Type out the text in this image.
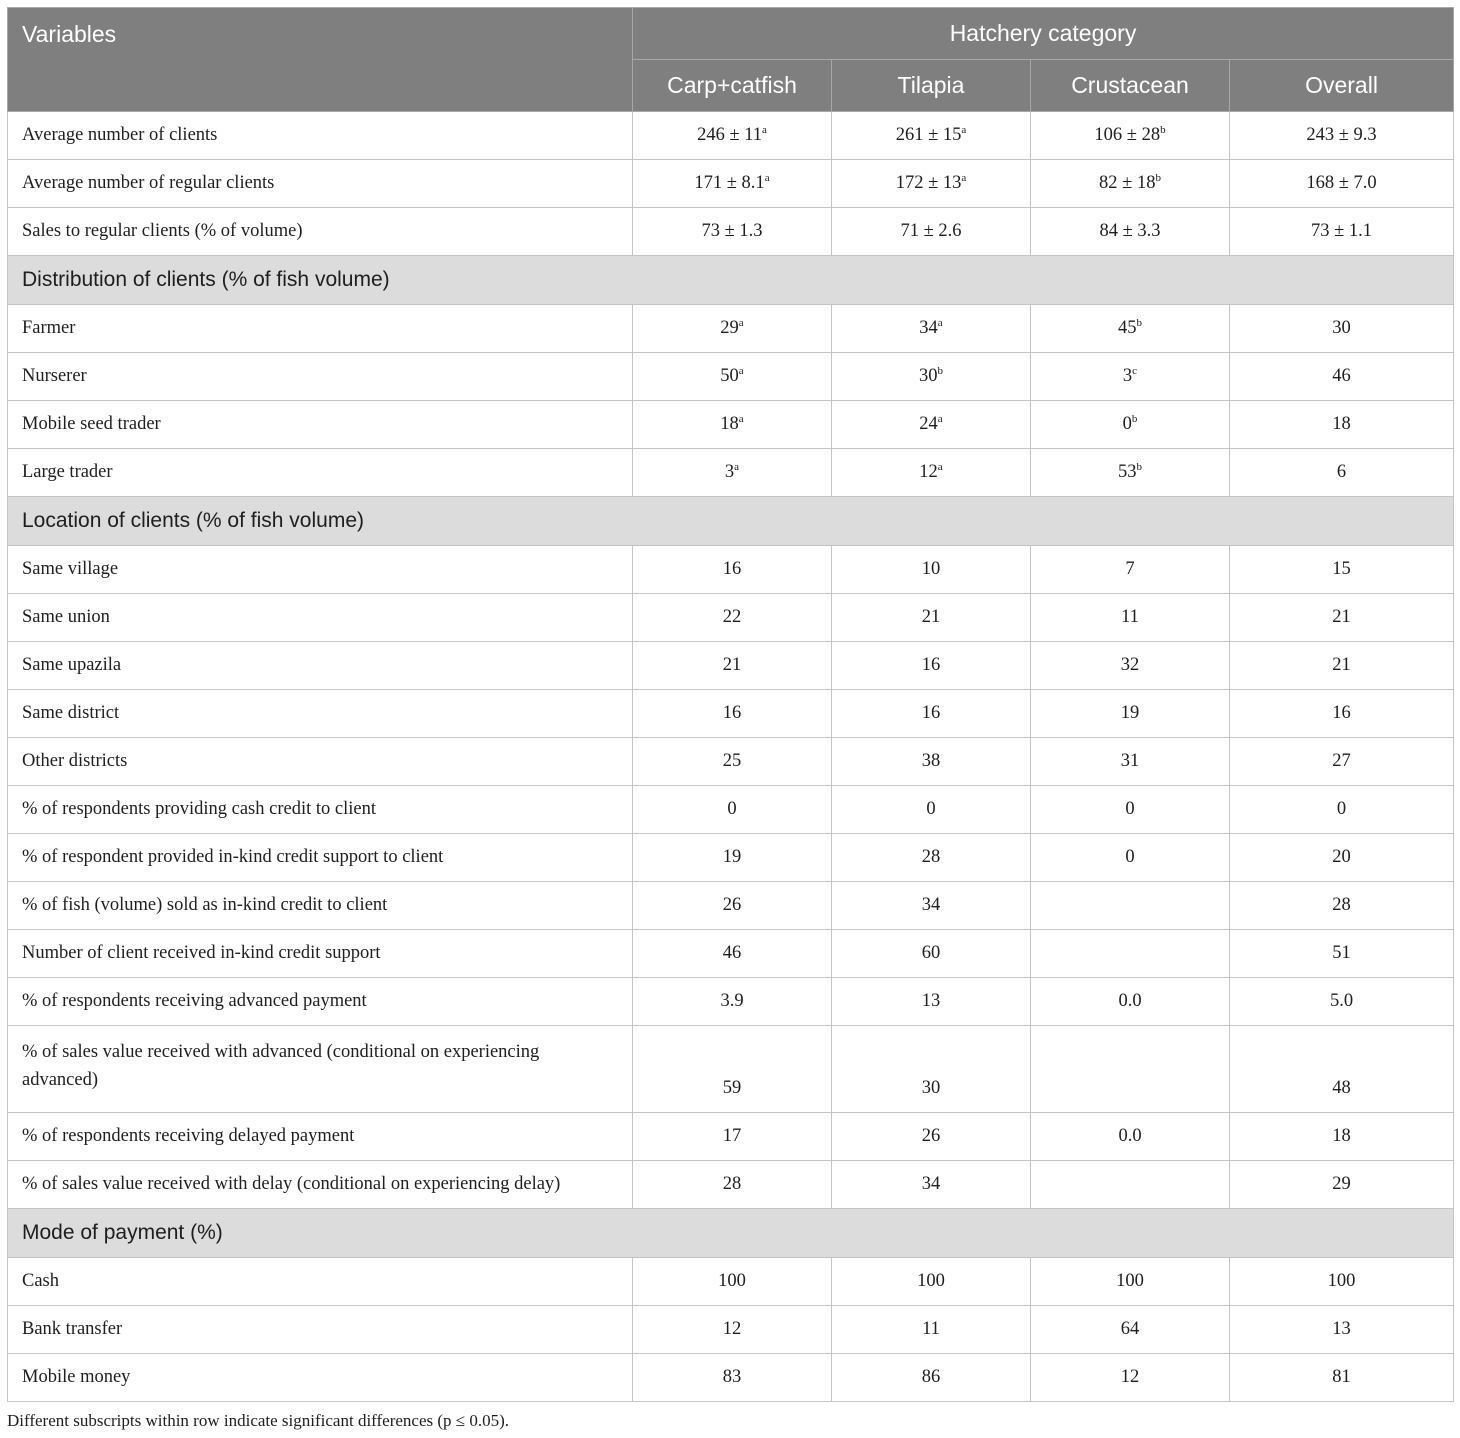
Variables	Hatchery category			
	Carp+catfish	Tilapia	Crustacean	Overall
Average number of clients	$246 \pm 11^a$	$261 \pm 15^a$	$106 \pm 28^b$	243 ± 9.3
Average number of regular clients	171 ± 8.1$^a$	$172 \pm 13^a$	$82 \pm 18^b$	168 ± 7.0
Sales to regular clients (% of volume)	73 ± 1.3	71 ± 2.6	84 ± 3.3	73 ± 1.1
Distribution of clients (% of fish volume)				
Farmer	29$^a$	34$^a$	45$^b$	30
Nurserer	50$^a$	30$^b$	3$^c$	46
Mobile seed trader	18$^a$	24$^a$	0$^b$	18
Large trader	3$^a$	12$^a$	53$^b$	6
Location of clients (% of fish volume)				
Same village	16	10	7	15
Same union	22	21	11	21
Same upazila	21	16	32	21
Same district	16	16	19	16
Other districts	25	38	31	27
% of respondents providing cash credit to client	0	0	0	0
% of respondent provided in-kind credit support to client	19	28	0	20
% of fish (volume) sold as in-kind credit to client	26	34		28
Number of client received in-kind credit support	46	60		51
% of respondents receiving advanced payment	3.9	13	0.0	5.0
% of sales value received with advanced (conditional on experiencing advanced)	59	30		48
% of respondents receiving delayed payment	17	26	0.0	18
% of sales value received with delay (conditional on experiencing delay)	28	34		29
Mode of payment (%)				
Cash	100	100	100	100
Bank transfer	12	11	64	13
Mobile money	83	86	12	81
Different subscripts within row indicate significant differences (p ≤ 0.05).
